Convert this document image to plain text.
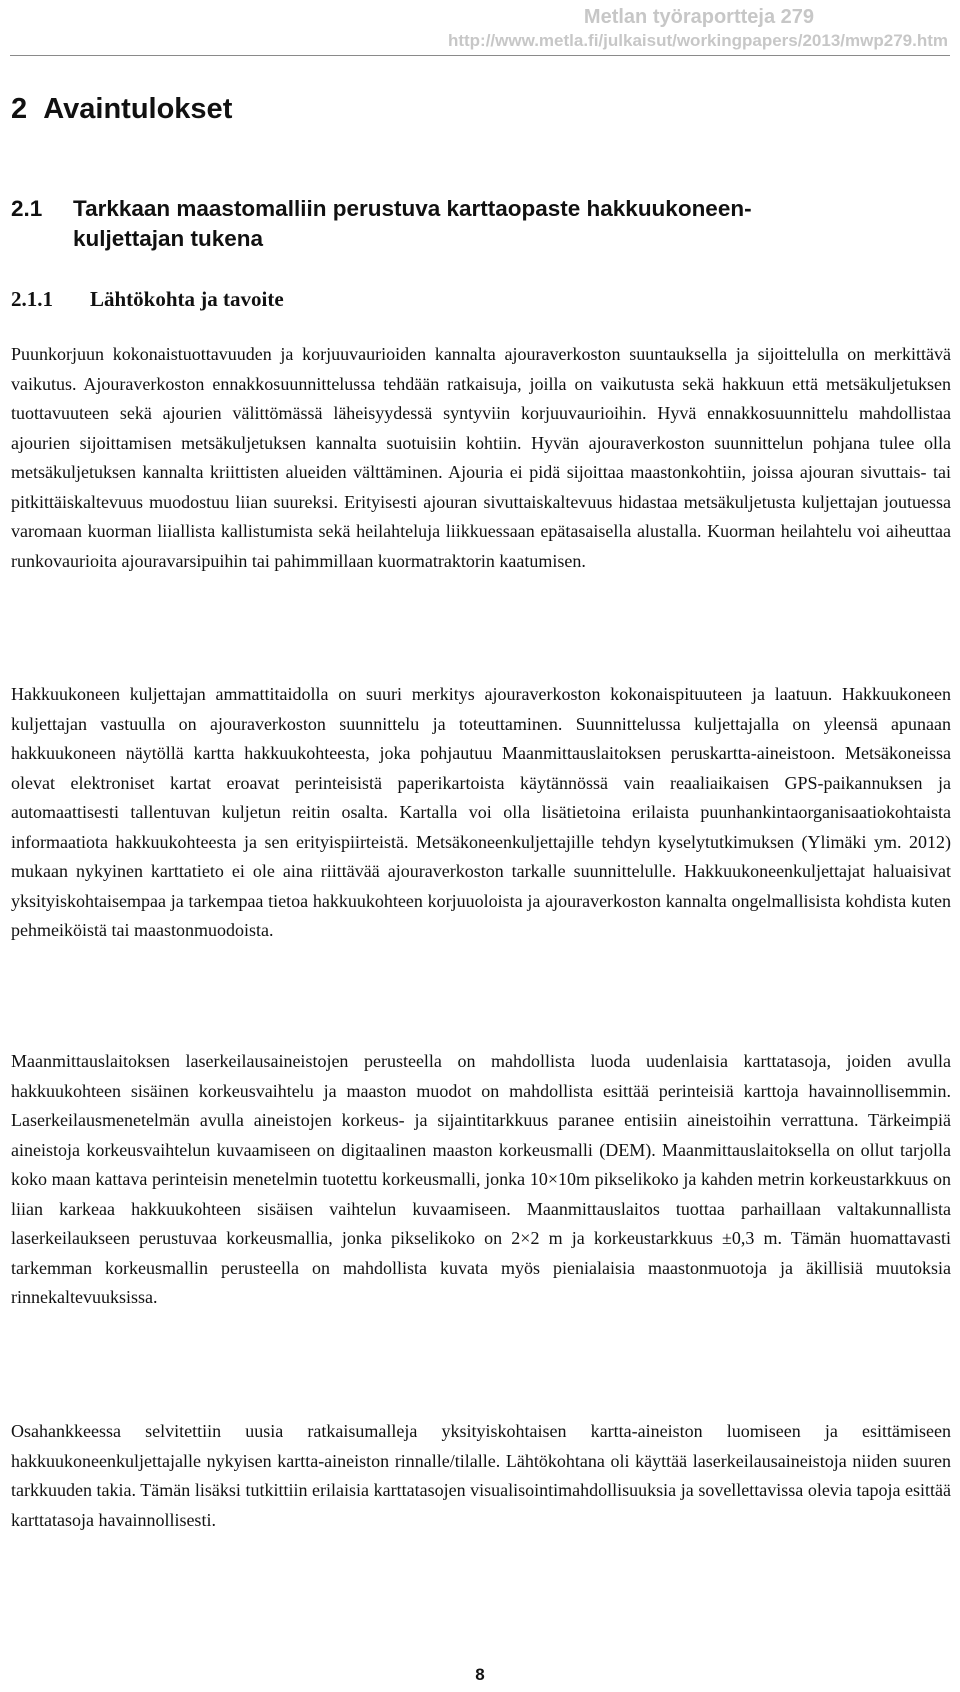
Metlan työraportteja 279
http://www.metla.fi/julkaisut/workingpapers/2013/mwp279.htm
2 Avaintulokset
2.1 Tarkkaan maastomalliin perustuva karttaopaste hakkuukoneen-
kuljettajan tukena
2.1.1 Lähtökohta ja tavoite

Puunkorjuun kokonaistuottavuuden ja korjuuvaurioiden kannalta ajouraverkoston suuntauksella ja sijoittelulla on merkittävä vaikutus. Ajouraverkoston ennakkosuunnittelussa tehdään ratkaisuja, joilla on vaikutusta sekä hakkuun että metsäkuljetuksen tuottavuuteen sekä ajourien välittömässä läheisyydessä syntyviin korjuuvaurioihin. Hyvä ennakkosuunnittelu mahdollistaa ajourien sijoittamisen metsäkuljetuksen kannalta suotuisiin kohtiin. Hyvän ajouraverkoston suunnittelun pohjana tulee olla metsäkuljetuksen kannalta kriittisten alueiden välttäminen. Ajouria ei pidä sijoittaa maastonkohtiin, joissa ajouran sivuttais- tai pitkittäiskaltevuus muodostuu liian suureksi. Erityisesti ajouran sivuttaiskaltevuus hidastaa metsäkuljetusta kuljettajan joutuessa varomaan kuorman liiallista kallistumista sekä heilahteluja liikkuessaan epätasaisella alustalla. Kuorman heilahtelu voi aiheuttaa runkovaurioita ajouravarsipuihin tai pahimmillaan kuormatraktorin kaatumisen.

Hakkuukoneen kuljettajan ammattitaidolla on suuri merkitys ajouraverkoston kokonaispituuteen ja laatuun. Hakkuukoneen kuljettajan vastuulla on ajouraverkoston suunnittelu ja toteuttaminen. Suunnittelussa kuljettajalla on yleensä apunaan hakkuukoneen näytöllä kartta hakkuukohteesta, joka pohjautuu Maanmittauslaitoksen peruskartta-aineistoon. Metsäkoneissa olevat elektroniset kartat eroavat perinteisistä paperikartoista käytännössä vain reaaliaikaisen GPS-paikannuksen ja automaattisesti tallentuvan kuljetun reitin osalta. Kartalla voi olla lisätietoina erilaista puunhankintaorganisaatiokohtaista informaatiota hakkuukohteesta ja sen erityispiirteistä. Metsäkoneenkuljettajille tehdyn kyselytutkimuksen (Ylimäki ym. 2012) mukaan nykyinen karttatieto ei ole aina riittävää ajouraverkoston tarkalle suunnittelulle. Hakkuukoneenkuljettajat haluaisivat yksityiskohtaisempaa ja tarkempaa tietoa hakkuukohteen korjuuoloista ja ajouraverkoston kannalta ongelmallisista kohdista kuten pehmeiköistä tai maastonmuodoista.

Maanmittauslaitoksen laserkeilausaineistojen perusteella on mahdollista luoda uudenlaisia karttatasoja, joiden avulla hakkuukohteen sisäinen korkeusvaihtelu ja maaston muodot on mahdollista esittää perinteisiä karttoja havainnollisemmin. Laserkeilausmenetelmän avulla aineistojen korkeus- ja sijaintitarkkuus paranee entisiin aineistoihin verrattuna. Tärkeimpiä aineistoja korkeusvaihtelun kuvaamiseen on digitaalinen maaston korkeusmalli (DEM). Maanmittauslaitoksella on ollut tarjolla koko maan kattava perinteisin menetelmin tuotettu korkeusmalli, jonka 10×10m pikselikoko ja kahden metrin korkeustarkkuus on liian karkeaa hakkuukohteen sisäisen vaihtelun kuvaamiseen. Maanmittauslaitos tuottaa parhaillaan valtakunnallista laserkeilaukseen perustuvaa korkeusmallia, jonka pikselikoko on 2×2 m ja korkeustarkkuus ±0,3 m. Tämän huomattavasti tarkemman korkeusmallin perusteella on mahdollista kuvata myös pienialaisia maastonmuotoja ja äkillisiä muutoksia rinnekaltevuuksissa.

Osahankkeessa selvitettiin uusia ratkaisumalleja yksityiskohtaisen kartta-aineiston luomiseen ja esittämiseen hakkuukoneenkuljettajalle nykyisen kartta-aineiston rinnalle/tilalle. Lähtökohtana oli käyttää laserkeilausaineistoja niiden suuren tarkkuuden takia. Tämän lisäksi tutkittiin erilaisia karttatasojen visualisointimahdollisuuksia ja sovellettavissa olevia tapoja esittää karttatasoja havainnollisesti.

8
